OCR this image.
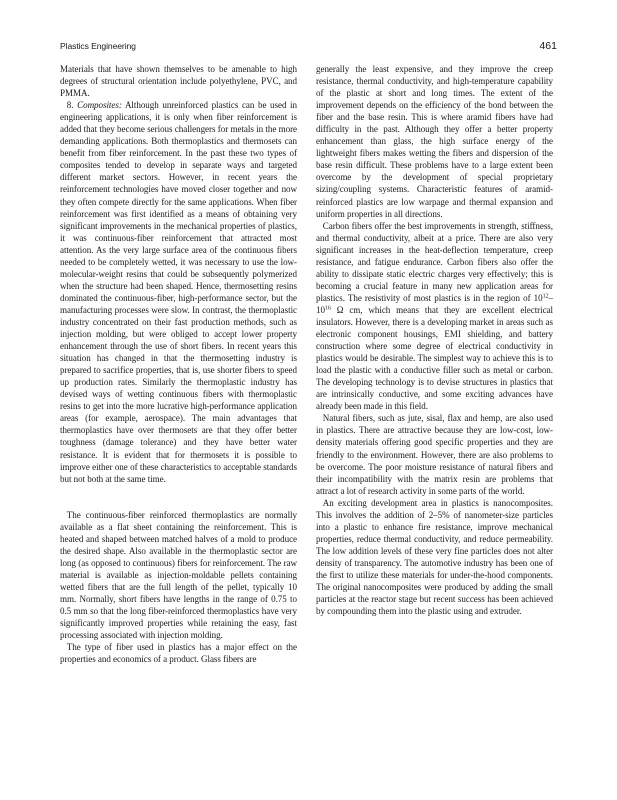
Plastics Engineering	461

Materials that have shown themselves to be amenable to high degrees of structural orientation include polyethylene, PVC, and PMMA.

8. Composites: Although unreinforced plastics can be used in engineering applications, it is only when fiber reinforcement is added that they become serious challengers for metals in the more demanding applications. Both thermoplastics and thermosets can benefit from fiber reinforcement. In the past these two types of composites tended to develop in separate ways and targeted different market sectors. However, in recent years the reinforcement technologies have moved closer together and now they often compete directly for the same applications. When fiber reinforcement was first identified as a means of obtaining very significant improvements in the mechanical properties of plastics, it was continuous-fiber reinforcement that attracted most attention. As the very large surface area of the continuous fibers needed to be completely wetted, it was necessary to use the low-molecular-weight resins that could be subsequently polymerized when the structure had been shaped. Hence, thermosetting resins dominated the continuous-fiber, high-performance sector, but the manufacturing processes were slow. In contrast, the thermoplastic industry concentrated on their fast production methods, such as injection molding, but were obliged to accept lower property enhancement through the use of short fibers. In recent years this situation has changed in that the thermosetting industry is prepared to sacrifice properties, that is, use shorter fibers to speed up production rates. Similarly the thermoplastic industry has devised ways of wetting continuous fibers with thermoplastic resins to get into the more lucrative high-performance application areas (for example, aerospace). The main advantages that thermoplastics have over thermosets are that they offer better toughness (damage tolerance) and they have better water resistance. It is evident that for thermosets it is possible to improve either one of these characteristics to acceptable standards but not both at the same time.

The continuous-fiber reinforced thermoplastics are normally available as a flat sheet containing the reinforcement. This is heated and shaped between matched halves of a mold to produce the desired shape. Also available in the thermoplastic sector are long (as opposed to continuous) fibers for reinforcement. The raw material is available as injection-moldable pellets containing wetted fibers that are the full length of the pellet, typically 10 mm. Normally, short fibers have lengths in the range of 0.75 to 0.5 mm so that the long fiber-reinforced thermoplastics have very significantly improved properties while retaining the easy, fast processing associated with injection molding.

The type of fiber used in plastics has a major effect on the properties and economics of a product. Glass fibers are

generally the least expensive, and they improve the creep resistance, thermal conductivity, and high-temperature capability of the plastic at short and long times. The extent of the improvement depends on the efficiency of the bond between the fiber and the base resin. This is where aramid fibers have had difficulty in the past. Although they offer a better property enhancement than glass, the high surface energy of the lightweight fibers makes wetting the fibers and dispersion of the base resin difficult. These problems have to a large extent been overcome by the development of special proprietary sizing/coupling systems. Characteristic features of aramid-reinforced plastics are low warpage and thermal expansion and uniform properties in all directions.

Carbon fibers offer the best improvements in strength, stiffness, and thermal conductivity, albeit at a price. There are also very significant increases in the heat-deflection temperature, creep resistance, and fatigue endurance. Carbon fibers also offer the ability to dissipate static electric charges very effectively; this is becoming a crucial feature in many new application areas for plastics. The resistivity of most plastics is in the region of $10^{12}-10^{16}$ Ω cm, which means that they are excellent electrical insulators. However, there is a developing market in areas such as electronic component housings, EMI shielding, and battery construction where some degree of electrical conductivity in plastics would be desirable. The simplest way to achieve this is to load the plastic with a conductive filler such as metal or carbon. The developing technology is to devise structures in plastics that are intrinsically conductive, and some exciting advances have already been made in this field.

Natural fibers, such as jute, sisal, flax and hemp, are also used in plastics. There are attractive because they are low-cost, low-density materials offering good specific properties and they are friendly to the environment. However, there are also problems to be overcome. The poor moisture resistance of natural fibers and their incompatibility with the matrix resin are problems that attract a lot of research activity in some parts of the world.

An exciting development area in plastics is nanocomposites. This involves the addition of 2–5% of nanometer-size particles into a plastic to enhance fire resistance, improve mechanical properties, reduce thermal conductivity, and reduce permeability. The low addition levels of these very fine particles does not alter density of transparency. The automotive industry has been one of the first to utilize these materials for under-the-hood components. The original nanocomposites were produced by adding the small particles at the reactor stage but recent success has been achieved by compounding them into the plastic using and extruder.
